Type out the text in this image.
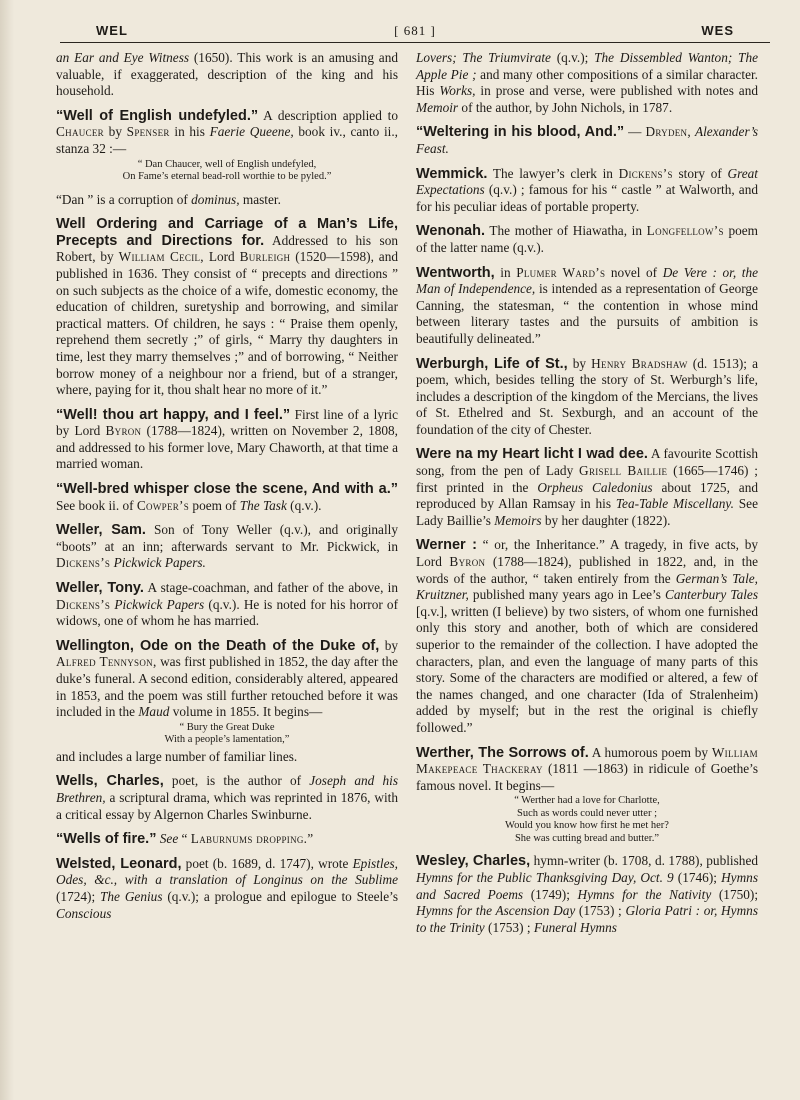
WEL	[ 681 ]	WES

an Ear and Eye Witness (1650). This work is an amusing and valuable, if exaggerated, description of the king and his household.

“Well of English undefyled.” A description applied to Chaucer by Spenser in his Faerie Queene, book iv., canto ii., stanza 32 :—
“ Dan Chaucer, well of English undefyled,
On Fame’s eternal bead-roll worthie to be pyled.”

“Dan ” is a corruption of dominus, master.

Well Ordering and Carriage of a Man’s Life, Precepts and Directions for. Addressed to his son Robert, by William Cecil, Lord Burleigh (1520—1598), and published in 1636. They consist of “ precepts and directions ” on such subjects as the choice of a wife, domestic economy, the education of children, suretyship and borrowing, and similar practical matters. Of children, he says : “ Praise them openly, reprehend them secretly ;” of girls, “ Marry thy daughters in time, lest they marry themselves ;” and of borrowing, “ Neither borrow money of a neighbour nor a friend, but of a stranger, where, paying for it, thou shalt hear no more of it.”

“Well! thou art happy, and I feel.” First line of a lyric by Lord Byron (1788—1824), written on November 2, 1808, and addressed to his former love, Mary Chaworth, at that time a married woman.

“Well-bred whisper close the scene, And with a.” See book ii. of Cowper’s poem of The Task (q.v.).

Weller, Sam. Son of Tony Weller (q.v.), and originally “boots” at an inn; afterwards servant to Mr. Pickwick, in Dickens’s Pickwick Papers.

Weller, Tony. A stage-coachman, and father of the above, in Dickens’s Pickwick Papers (q.v.). He is noted for his horror of widows, one of whom he has married.

Wellington, Ode on the Death of the Duke of, by Alfred Tennyson, was first published in 1852, the day after the duke’s funeral. A second edition, considerably altered, appeared in 1853, and the poem was still further retouched before it was included in the Maud volume in 1855. It begins—
“ Bury the Great Duke
With a people’s lamentation,”
and includes a large number of familiar lines.

Wells, Charles, poet, is the author of Joseph and his Brethren, a scriptural drama, which was reprinted in 1876, with a critical essay by Algernon Charles Swinburne.

“Wells of fire.” See “ Laburnums dropping.”

Welsted, Leonard, poet (b. 1689, d. 1747), wrote Epistles, Odes, &c., with a translation of Longinus on the Sublime (1724); The Genius (q.v.); a prologue and epilogue to Steele’s Conscious

Lovers; The Triumvirate (q.v.); The Dissembled Wanton; The Apple Pie ; and many other compositions of a similar character. His Works, in prose and verse, were published with notes and Memoir of the author, by John Nichols, in 1787.

“Weltering in his blood, And.” — Dryden, Alexander’s Feast.

Wemmick. The lawyer’s clerk in Dickens’s story of Great Expectations (q.v.) ; famous for his “ castle ” at Walworth, and for his peculiar ideas of portable property.

Wenonah. The mother of Hiawatha, in Longfellow’s poem of the latter name (q.v.).

Wentworth, in Plumer Ward’s novel of De Vere : or, the Man of Independence, is intended as a representation of George Canning, the statesman, “ the contention in whose mind between literary tastes and the pursuits of ambition is beautifully delineated.”

Werburgh, Life of St., by Henry Bradshaw (d. 1513); a poem, which, besides telling the story of St. Werburgh’s life, includes a description of the kingdom of the Mercians, the lives of St. Ethelred and St. Sexburgh, and an account of the foundation of the city of Chester.

Were na my Heart licht I wad dee. A favourite Scottish song, from the pen of Lady Grisell Baillie (1665—1746) ; first printed in the Orpheus Caledonius about 1725, and reproduced by Allan Ramsay in his Tea-Table Miscellany. See Lady Baillie’s Memoirs by her daughter (1822).

Werner : “ or, the Inheritance.” A tragedy, in five acts, by Lord Byron (1788—1824), published in 1822, and, in the words of the author, “ taken entirely from the German’s Tale, Kruitzner, published many years ago in Lee’s Canterbury Tales [q.v.], written (I believe) by two sisters, of whom one furnished only this story and another, both of which are considered superior to the remainder of the collection. I have adopted the characters, plan, and even the language of many parts of this story. Some of the characters are modified or altered, a few of the names changed, and one character (Ida of Stralenheim) added by myself; but in the rest the original is chiefly followed.”

Werther, The Sorrows of. A humorous poem by William Makepeace Thackeray (1811 —1863) in ridicule of Goethe’s famous novel. It begins—
“ Werther had a love for Charlotte,
Such as words could never utter ;
Would you know how first he met her?
She was cutting bread and butter.”

Wesley, Charles, hymn-writer (b. 1708, d. 1788), published Hymns for the Public Thanksgiving Day, Oct. 9 (1746); Hymns and Sacred Poems (1749); Hymns for the Nativity (1750); Hymns for the Ascension Day (1753) ; Gloria Patri : or, Hymns to the Trinity (1753) ; Funeral Hymns
